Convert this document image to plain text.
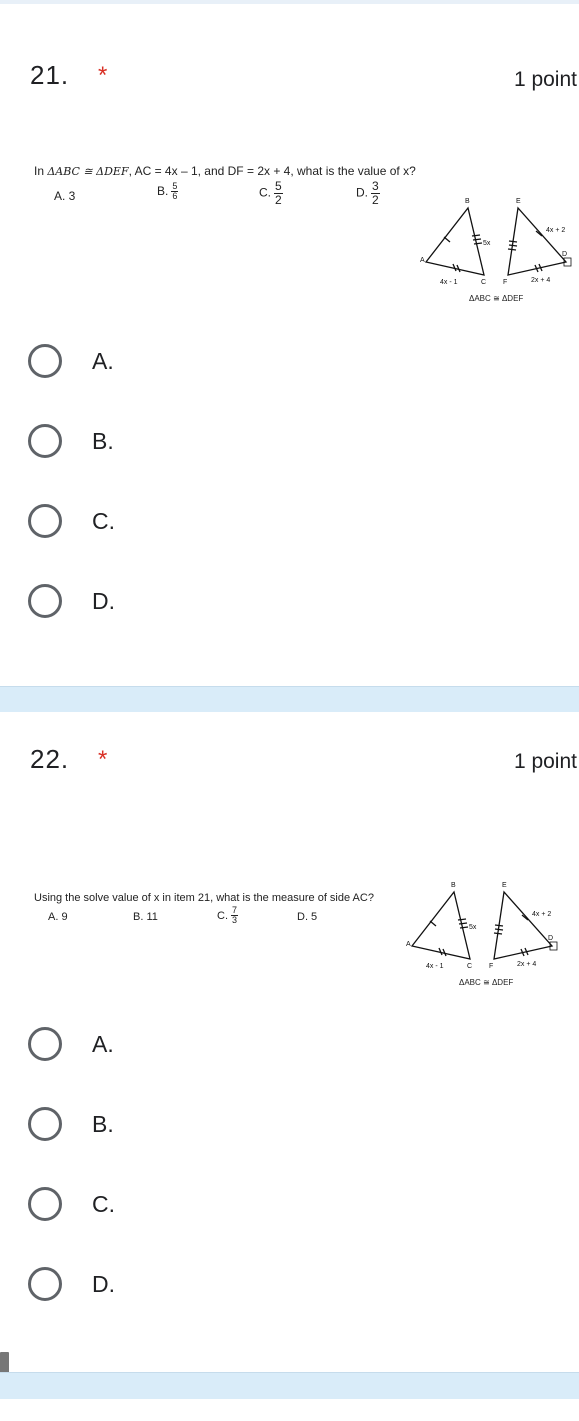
21. *	1 point
In ΔABC ≅ ΔDEF, AC = 4x – 1, and DF = 2x + 4, what is the value of x?
A. 3	B. $\frac{5}{6}$	C. $\frac{5}{2}$	D. $\frac{3}{2}$	B	E
A
C F
D
5x
4x - 1
4x + 2
2x + 4
ΔABC ≅ ΔDEF
A.
B.
C.
D.
22. *	1 point
Using the solve value of x in item 21, what is the measure of side AC?
A. 9	B. 11	C. $\frac{7}{3}$	D. 5
B	E
A
C F
D
5x
4x - 1
4x + 2
2x + 4
ΔABC ≅ ΔDEF
A.
B.
C.
D.
